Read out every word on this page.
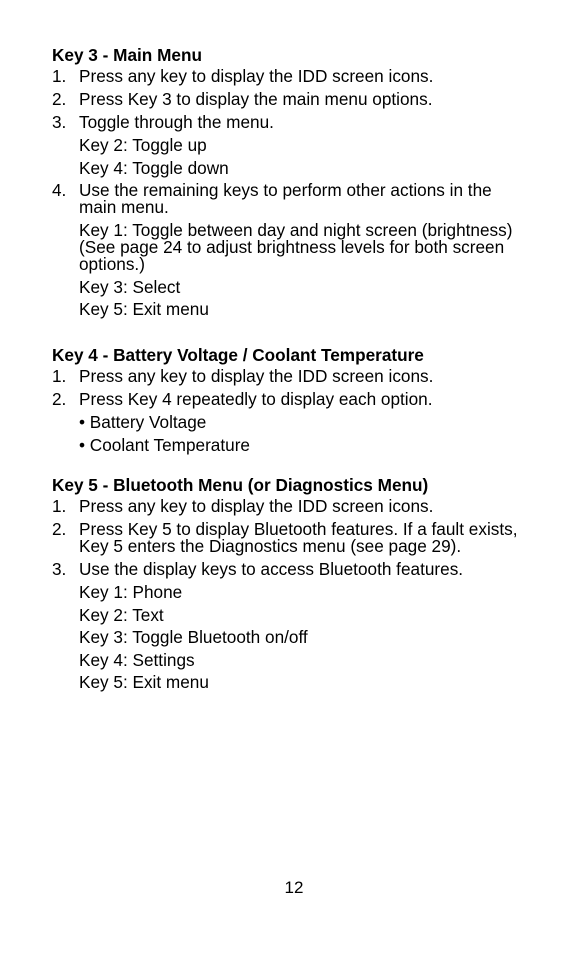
Key 3 - Main Menu
1. Press any key to display the IDD screen icons.
2. Press Key 3 to display the main menu options.
3. Toggle through the menu.
Key 2: Toggle up
Key 4: Toggle down
4. Use the remaining keys to perform other actions in the main menu.
Key 1: Toggle between day and night screen (brightness) (See page 24 to adjust brightness levels for both screen options.)
Key 3: Select
Key 5: Exit menu
Key 4 - Battery Voltage / Coolant Temperature
1. Press any key to display the IDD screen icons.
2. Press Key 4 repeatedly to display each option.
• Battery Voltage
• Coolant Temperature
Key 5 - Bluetooth Menu (or Diagnostics Menu)
1. Press any key to display the IDD screen icons.
2. Press Key 5 to display Bluetooth features. If a fault exists, Key 5 enters the Diagnostics menu (see page 29).
3. Use the display keys to access Bluetooth features.
Key 1: Phone
Key 2: Text
Key 3: Toggle Bluetooth on/off
Key 4: Settings
Key 5: Exit menu
12
